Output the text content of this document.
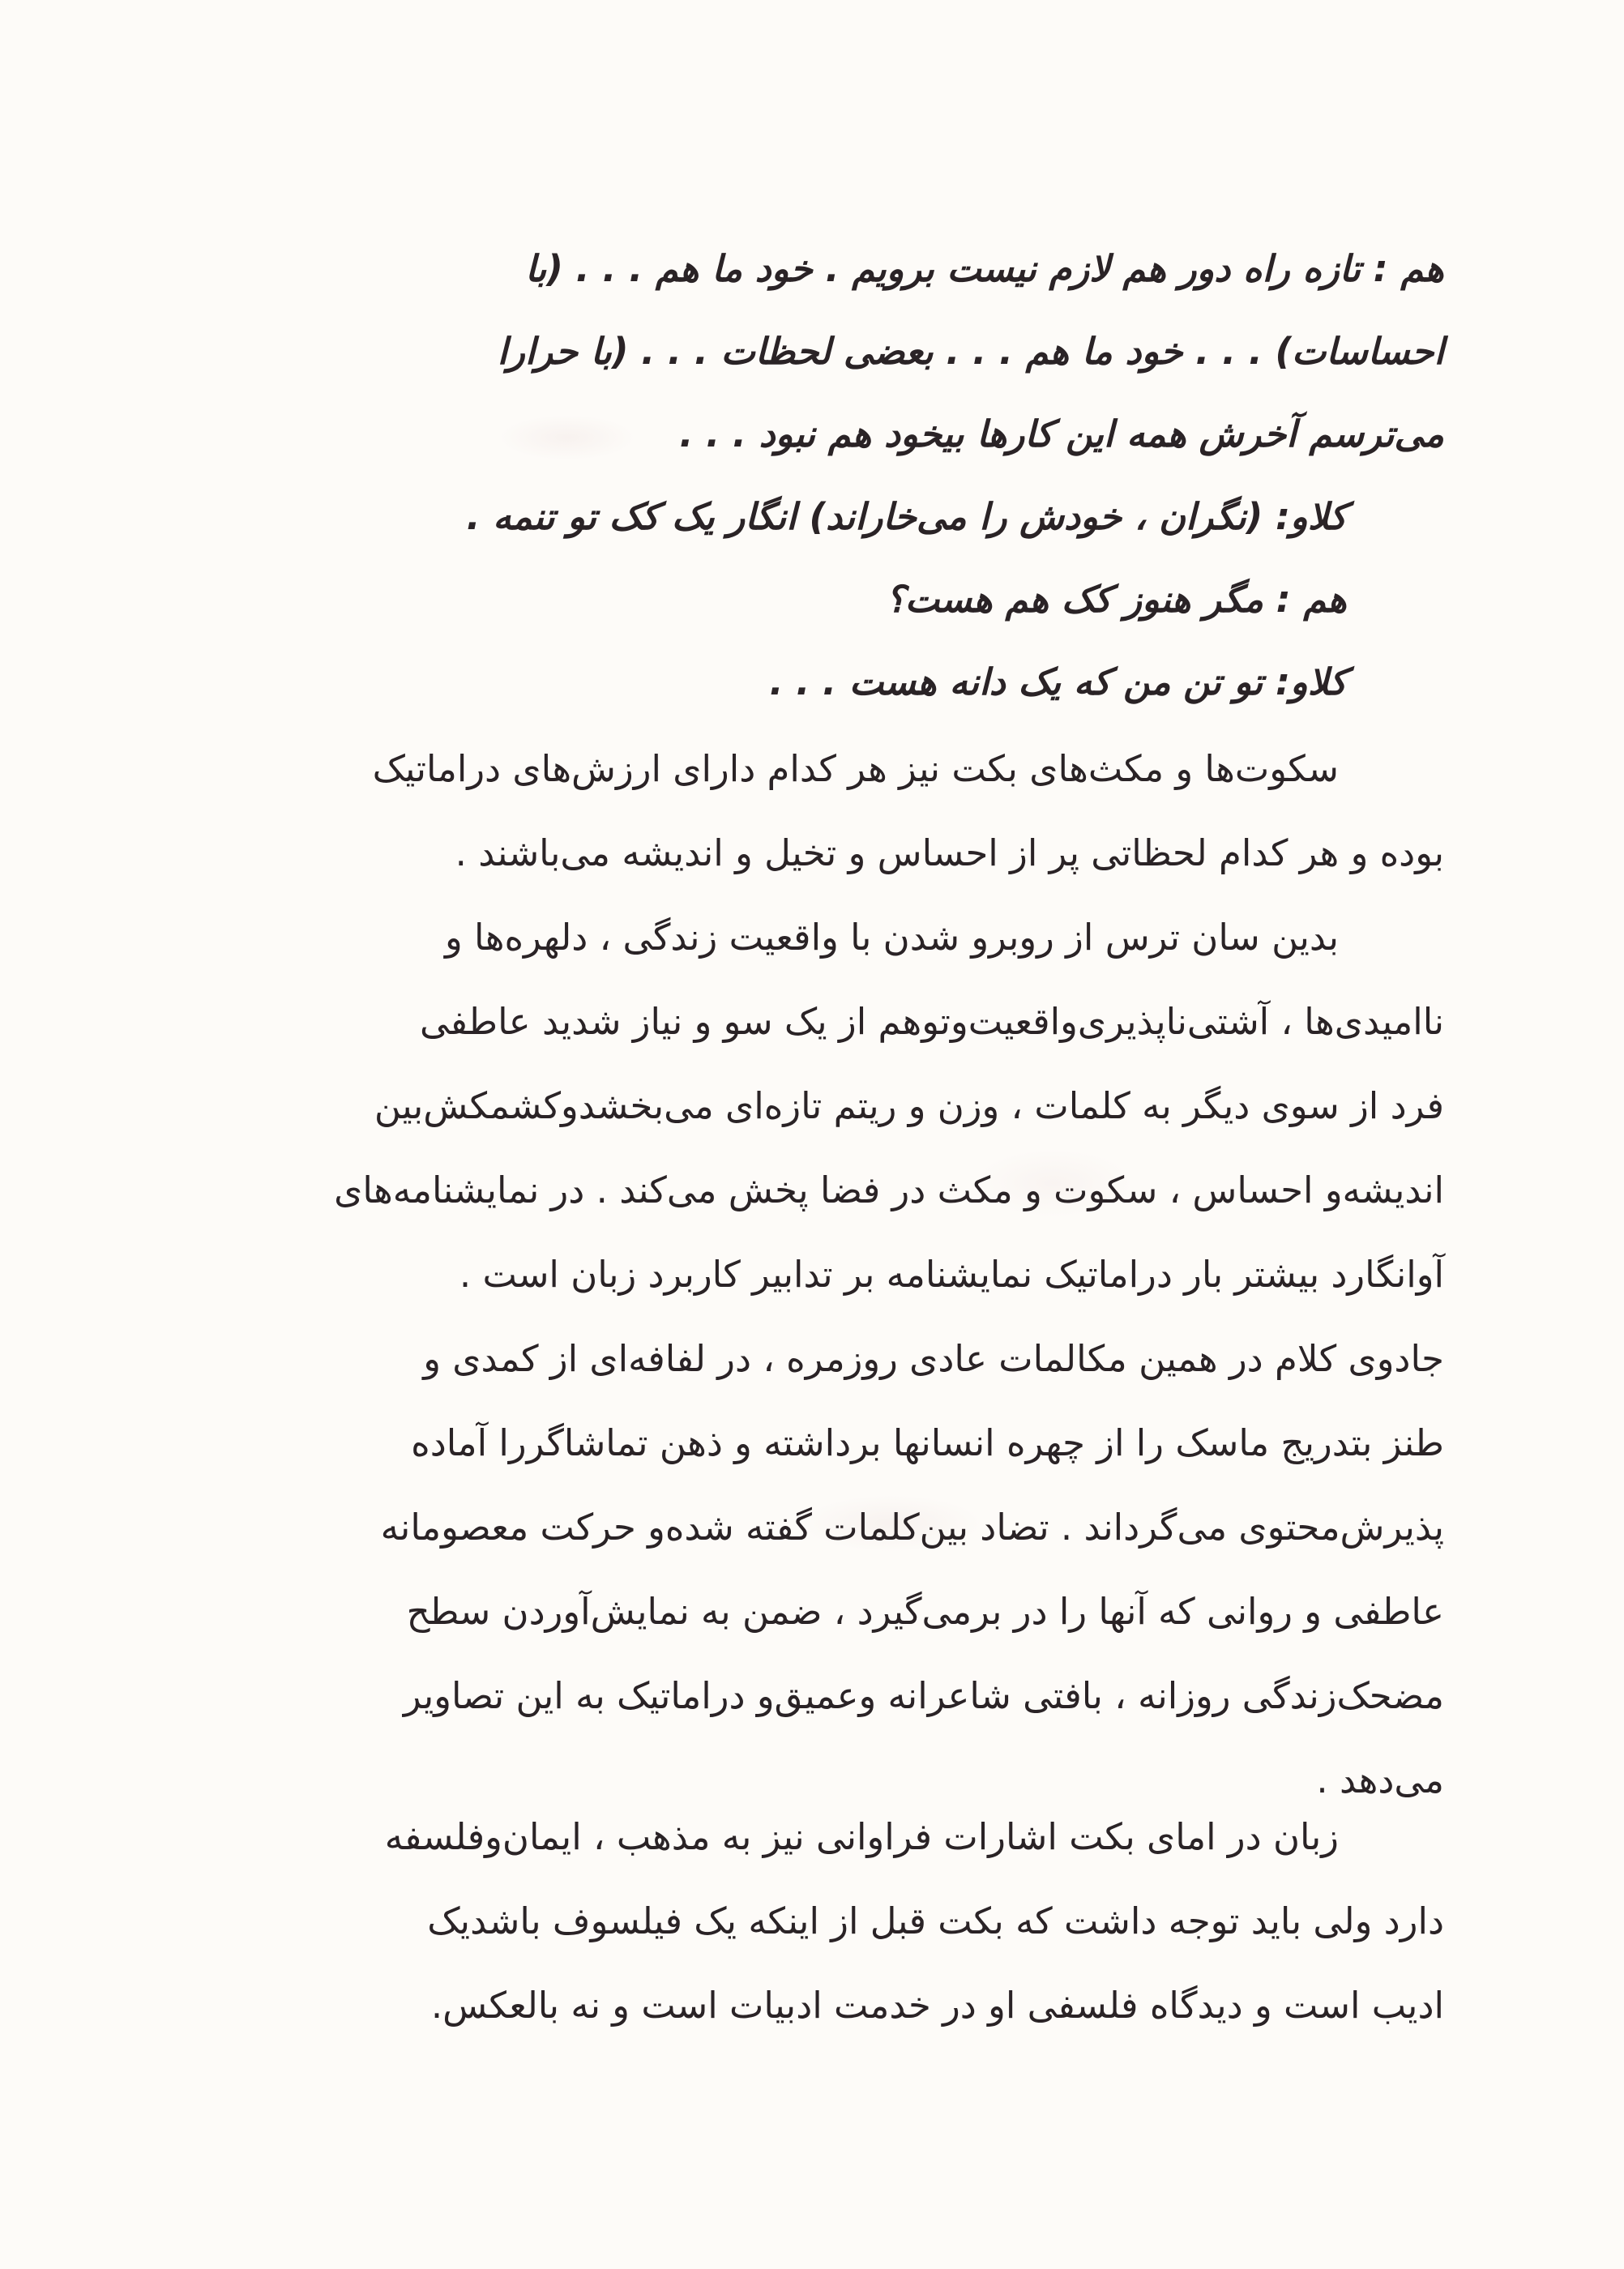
هم : تازه راه دور هم لازم نیست برویم . خود ما هم . . . (با
احساسات) . . . خود ما هم . . . بعضی لحظات . . . (با حرارا
می‌ترسم آخرش همه این کارها بیخود هم نبود . . .
کلاو: (نگران ، خودش را می‌خاراند) انگار یک کک تو تنمه .
هم : مگر هنوز کک هم هست؟
کلاو: تو تن من که یک دانه هست . . .
سکوت‌ها و مکث‌های بکت نیز هر کدام دارای ارزش‌های دراماتیک
بوده و هر کدام لحظاتی پر از احساس و تخیل و اندیشه می‌باشند .
بدین سان ترس از روبرو شدن با واقعیت زندگی ، دلهره‌ها و
ناامیدی‌ها ، آشتی‌ناپذیری‌واقعیت‌وتوهم از یک سو و نیاز شدید عاطفی
فرد از سوی دیگر به کلمات ، وزن و ریتم تازه‌ای می‌بخشدوکشمکش‌بین
اندیشه‌و احساس ، سکوت و مکث در فضا پخش می‌کند . در نمایشنامه‌های
آوانگارد بیشتر بار دراماتیک نمایشنامه بر تدابیر کاربرد زبان است .
جادوی کلام در همین مکالمات عادی روزمره ، در لفافه‌ای از کمدی و
طنز بتدریج ماسک را از چهره انسانها برداشته و ذهن تماشاگررا آماده
پذیرش‌محتوی می‌گرداند . تضاد بین‌کلمات گفته شده‌و حرکت معصومانه
عاطفی و روانی که آنها را در برمی‌گیرد ، ضمن به نمایش‌آوردن سطح
مضحک‌زندگی روزانه ، بافتی شاعرانه وعمیق‌و دراماتیک به این تصاویر
می‌دهد .
زبان در امای بکت اشارات فراوانی نیز به مذهب ، ایمان‌وفلسفه
دارد ولی باید توجه داشت که بکت قبل از اینکه یک فیلسوف باشدیک
ادیب است و دیدگاه فلسفی او در خدمت ادبیات است و نه بالعکس.
